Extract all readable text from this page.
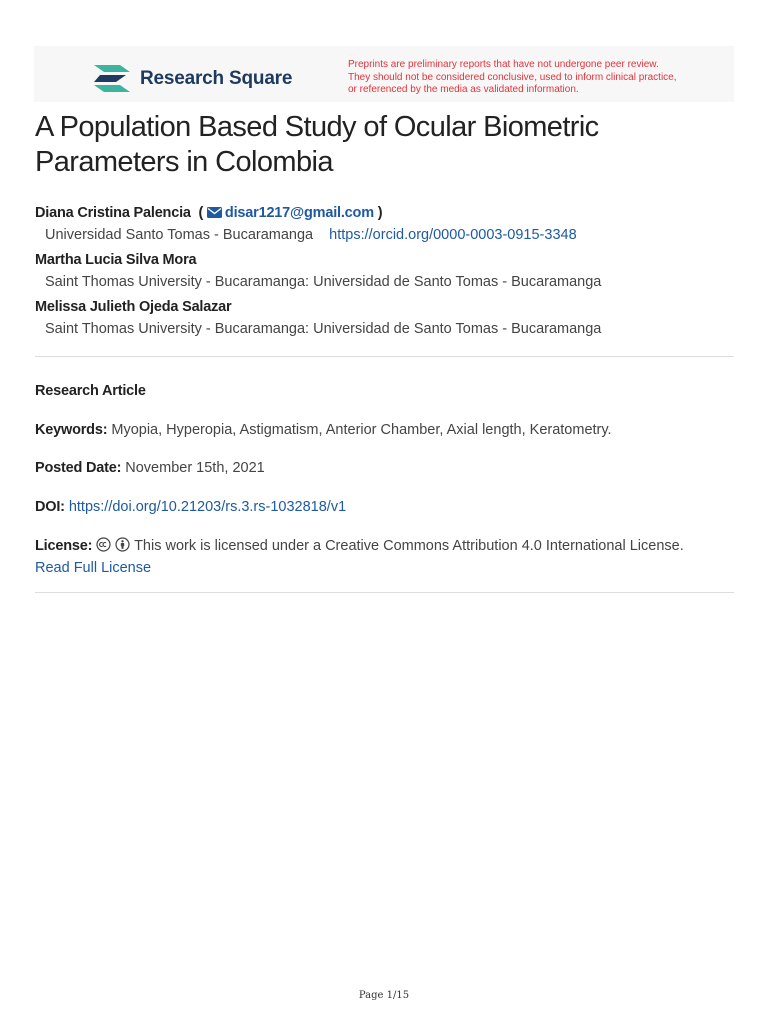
Research Square
Preprints are preliminary reports that have not undergone peer review.
They should not be considered conclusive, used to inform clinical practice,
or referenced by the media as validated information.
A Population Based Study of Ocular Biometric
Parameters in Colombia
Diana Cristina Palencia  ( disar1217@gmail.com )
Universidad Santo Tomas - Bucaramanga https://orcid.org/0000-0003-0915-3348
Martha Lucia Silva Mora
Saint Thomas University - Bucaramanga: Universidad de Santo Tomas - Bucaramanga
Melissa Julieth Ojeda Salazar
Saint Thomas University - Bucaramanga: Universidad de Santo Tomas - Bucaramanga
Research Article
Keywords: Myopia, Hyperopia, Astigmatism, Anterior Chamber, Axial length, Keratometry.
Posted Date: November 15th, 2021
DOI: https://doi.org/10.21203/rs.3.rs-1032818/v1
License:	This work is licensed under a Creative Commons Attribution 4.0 International License.
Read Full License
Page 1/15
